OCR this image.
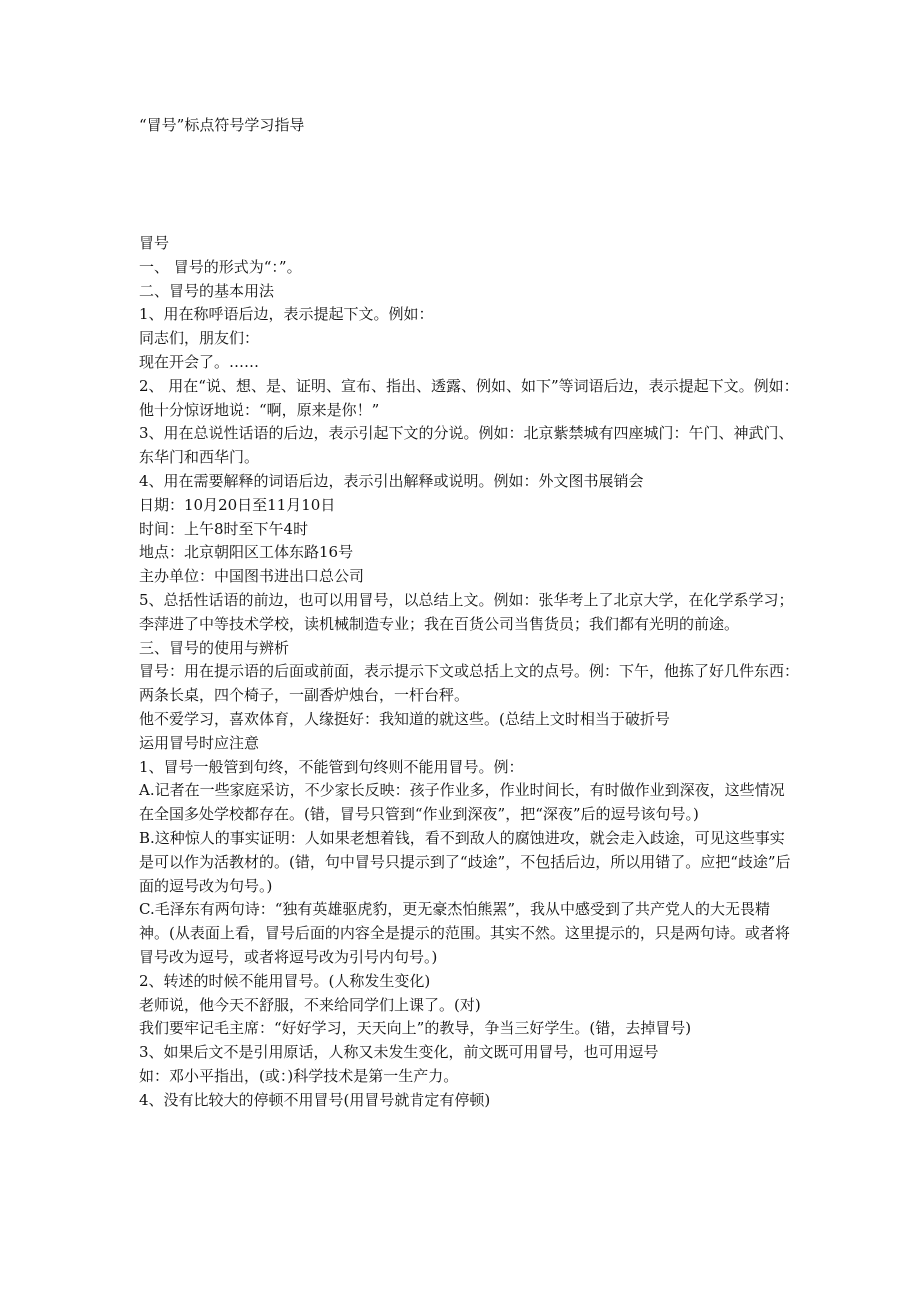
“冒号”标点符号学习指导

冒号

一、 冒号的形式为“：”。

二、冒号的基本用法

1、用在称呼语后边，表示提起下文。例如：

同志们，朋友们：

现在开会了。……

2、 用在“说、想、是、证明、宣布、指出、透露、例如、如下”等词语后边，表示提起下文。例如：他十分惊讶地说：“啊，原来是你！”

3、用在总说性话语的后边，表示引起下文的分说。例如：北京紫禁城有四座城门：午门、神武门、东华门和西华门。

4、用在需要解释的词语后边，表示引出解释或说明。例如：外文图书展销会

日期：10月20日至11月10日

时间：上午8时至下午4时

地点：北京朝阳区工体东路16号

主办单位：中国图书进出口总公司

5、总括性话语的前边，也可以用冒号，以总结上文。例如：张华考上了北京大学，在化学系学习；李萍进了中等技术学校，读机械制造专业；我在百货公司当售货员；我们都有光明的前途。

三、冒号的使用与辨析

冒号：用在提示语的后面或前面，表示提示下文或总括上文的点号。例：下午，他拣了好几件东西：两条长桌，四个椅子，一副香炉烛台，一杆台秤。

他不爱学习，喜欢体育，人缘挺好：我知道的就这些。(总结上文时相当于破折号

运用冒号时应注意

1、冒号一般管到句终，不能管到句终则不能用冒号。例：

A.记者在一些家庭采访，不少家长反映：孩子作业多，作业时间长，有时做作业到深夜，这些情况在全国多处学校都存在。(错，冒号只管到“作业到深夜”，把“深夜”后的逗号该句号。)

B.这种惊人的事实证明：人如果老想着钱，看不到敌人的腐蚀进攻，就会走入歧途，可见这些事实是可以作为活教材的。(错，句中冒号只提示到了“歧途”，不包括后边，所以用错了。应把“歧途”后面的逗号改为句号。)

C.毛泽东有两句诗：“独有英雄驱虎豹，更无豪杰怕熊罴”，我从中感受到了共产党人的大无畏精神。(从表面上看，冒号后面的内容全是提示的范围。其实不然。这里提示的，只是两句诗。或者将冒号改为逗号，或者将逗号改为引号内句号。)

2、转述的时候不能用冒号。(人称发生变化)

老师说，他今天不舒服，不来给同学们上课了。(对)

我们要牢记毛主席：“好好学习，天天向上”的教导，争当三好学生。(错，去掉冒号)

3、如果后文不是引用原话，人称又未发生变化，前文既可用冒号，也可用逗号

如：邓小平指出，(或：)科学技术是第一生产力。

4、没有比较大的停顿不用冒号(用冒号就肯定有停顿)
